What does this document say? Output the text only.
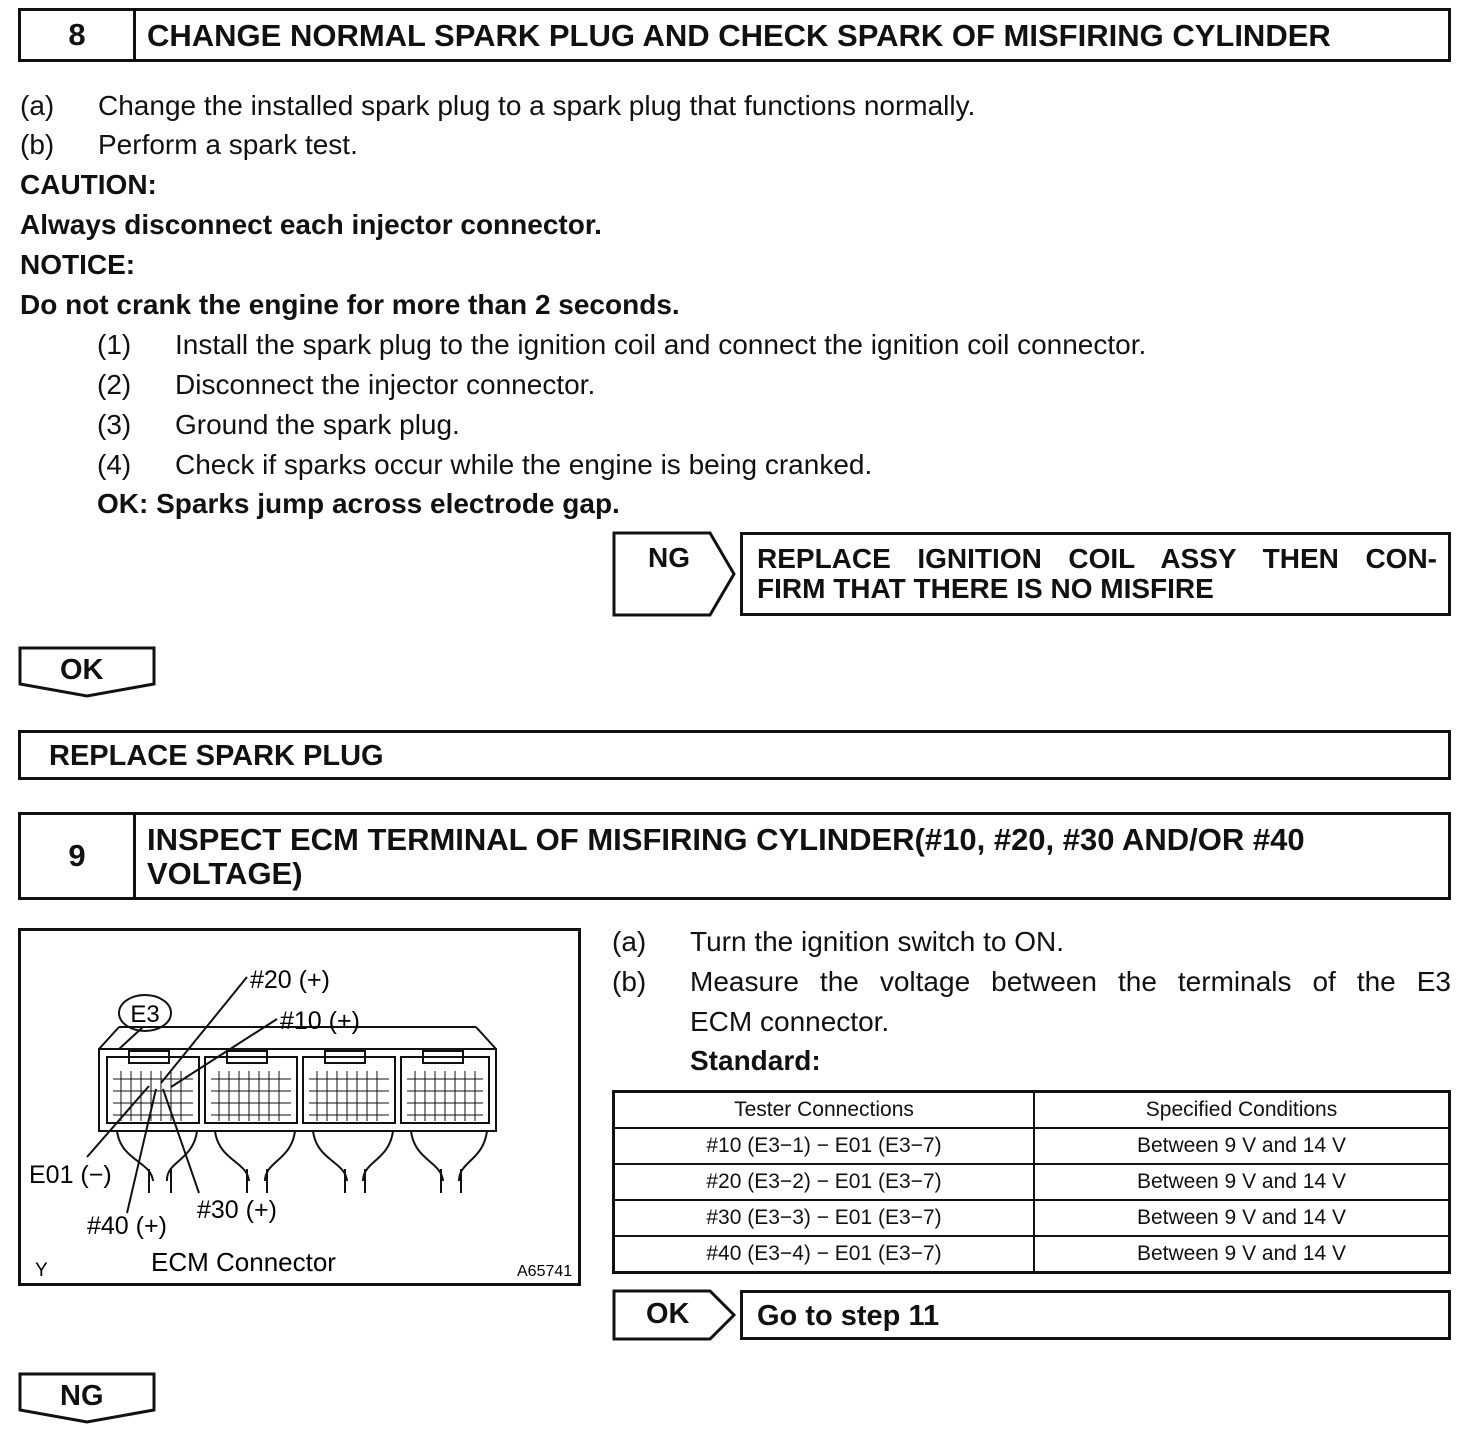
8	CHANGE NORMAL SPARK PLUG AND CHECK SPARK OF MISFIRING CYLINDER
(a) Change the installed spark plug to a spark plug that functions normally.
(b) Perform a spark test.
CAUTION:
Always disconnect each injector connector.
NOTICE:
Do not crank the engine for more than 2 seconds.
(1) Install the spark plug to the ignition coil and connect the ignition coil connector.
(2) Disconnect the injector connector.
(3) Ground the spark plug.
(4) Check if sparks occur while the engine is being cranked.
OK: Sparks jump across electrode gap.
NG REPLACE IGNITION COIL ASSY THEN CON-
FIRM THAT THERE IS NO MISFIRE
OK
REPLACE SPARK PLUG
9	INSPECT ECM TERMINAL OF MISFIRING CYLINDER(#10, #20, #30 AND/OR #40
VOLTAGE)
E3
#20 (+)
#10 (+)
E01 (−)
#30 (+)
#40 (+)
ECM Connector
Y	A65741
(a) Turn the ignition switch to ON.
(b) Measure the voltage between the terminals of the E3
ECM connector.
Standard:
Tester Connections	Specified Conditions
#10 (E3−1) − E01 (E3−7)	Between 9 V and 14 V
#20 (E3−2) − E01 (E3−7)	Between 9 V and 14 V
#30 (E3−3) − E01 (E3−7)	Between 9 V and 14 V
#40 (E3−4) − E01 (E3−7)	Between 9 V and 14 V
OK Go to step 11
NG
